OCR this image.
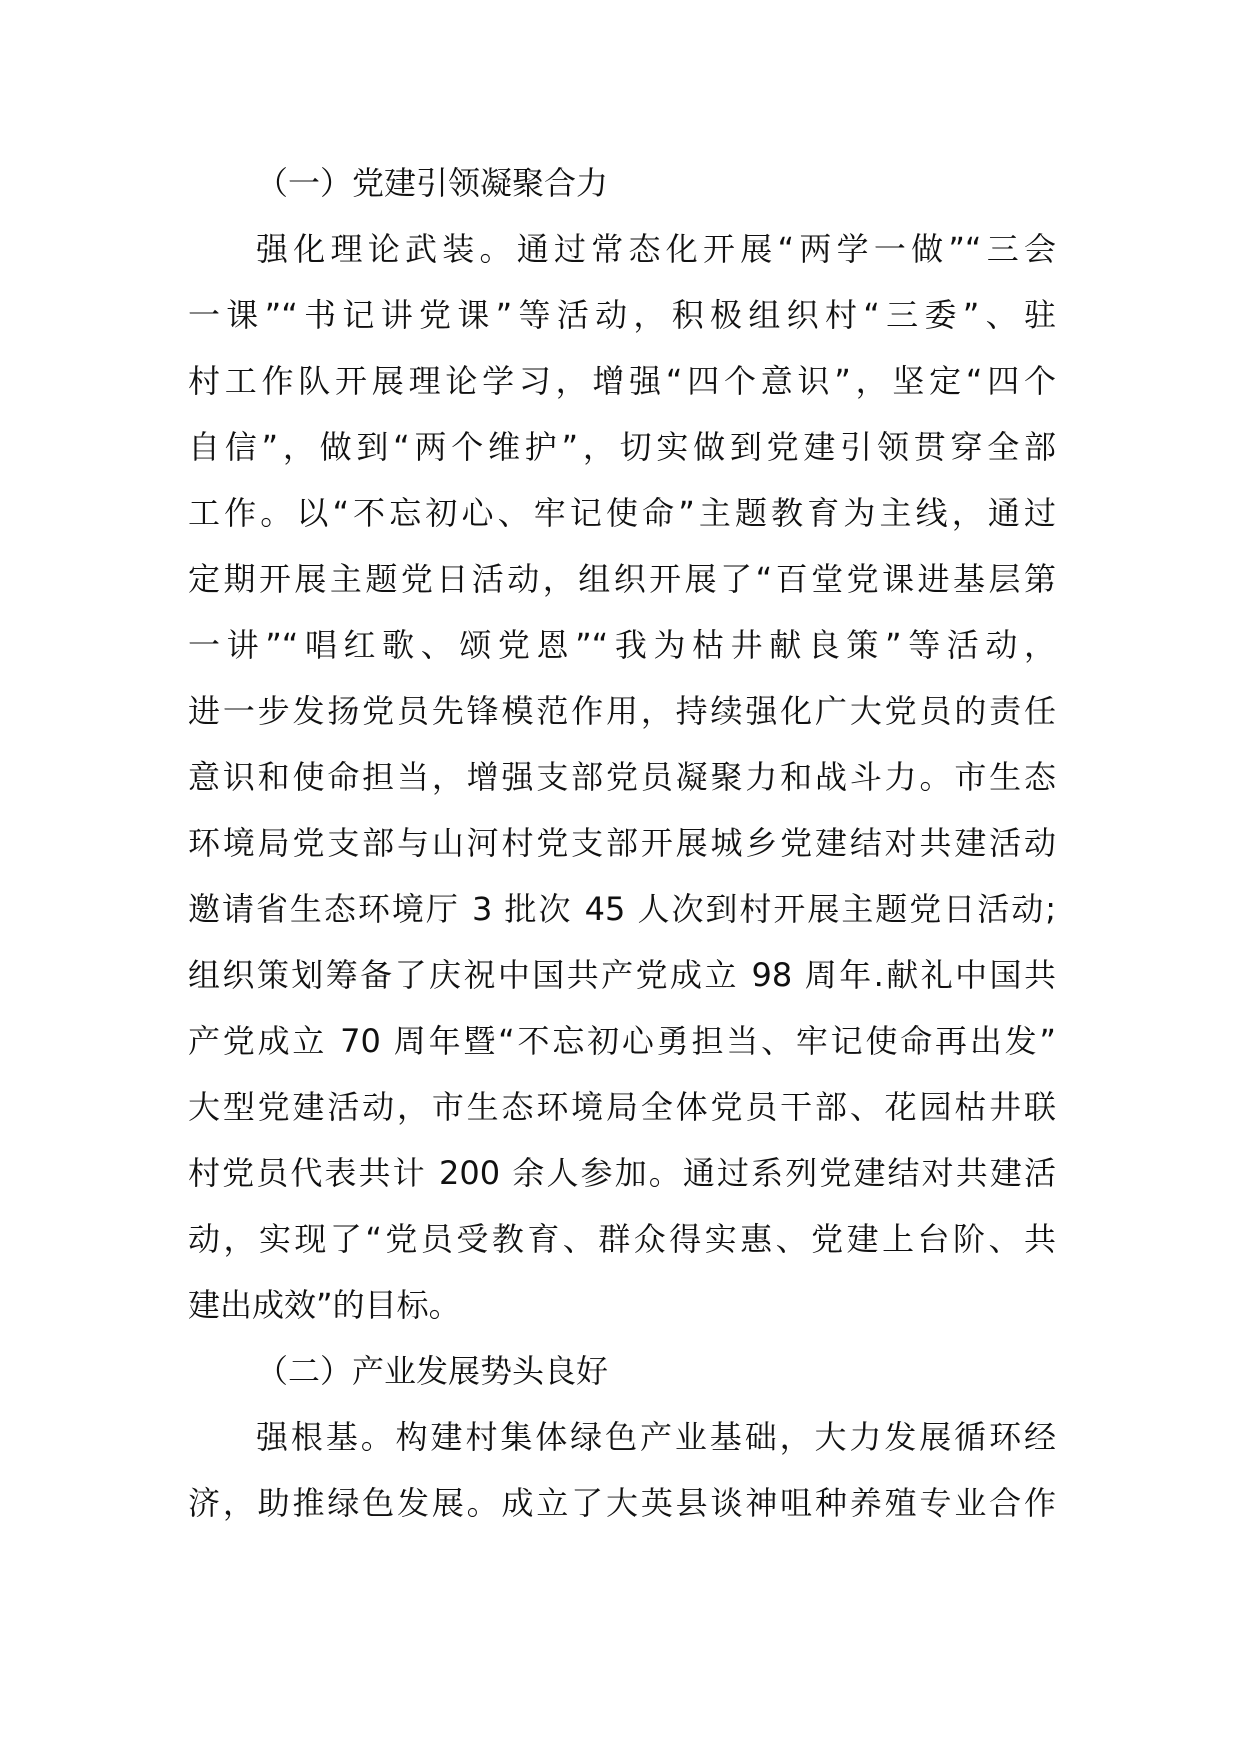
（一）党建引领凝聚合力
强化理论武装。通过常态化开展“两学一做”“三会
一课”“书记讲党课”等活动，积极组织村“三委”、驻
村工作队开展理论学习，增强“四个意识”，坚定“四个
自信”，做到“两个维护”，切实做到党建引领贯穿全部
工作。以“不忘初心、牢记使命”主题教育为主线，通过
定期开展主题党日活动，组织开展了“百堂党课进基层第
一讲”“唱红歌、颂党恩”“我为枯井献良策”等活动，
进一步发扬党员先锋模范作用，持续强化广大党员的责任
意识和使命担当，增强支部党员凝聚力和战斗力。市生态
环境局党支部与山河村党支部开展城乡党建结对共建活动
邀请省生态环境厅 3 批次 45 人次到村开展主题党日活动;
组织策划筹备了庆祝中国共产党成立 98 周年.献礼中国共
产党成立 70 周年暨“不忘初心勇担当、牢记使命再出发”
大型党建活动，市生态环境局全体党员干部、花园枯井联
村党员代表共计 200 余人参加。通过系列党建结对共建活
动，实现了“党员受教育、群众得实惠、党建上台阶、共
建出成效”的目标。
（二）产业发展势头良好
强根基。构建村集体绿色产业基础，大力发展循环经
济，助推绿色发展。成立了大英县谈神咀种养殖专业合作
